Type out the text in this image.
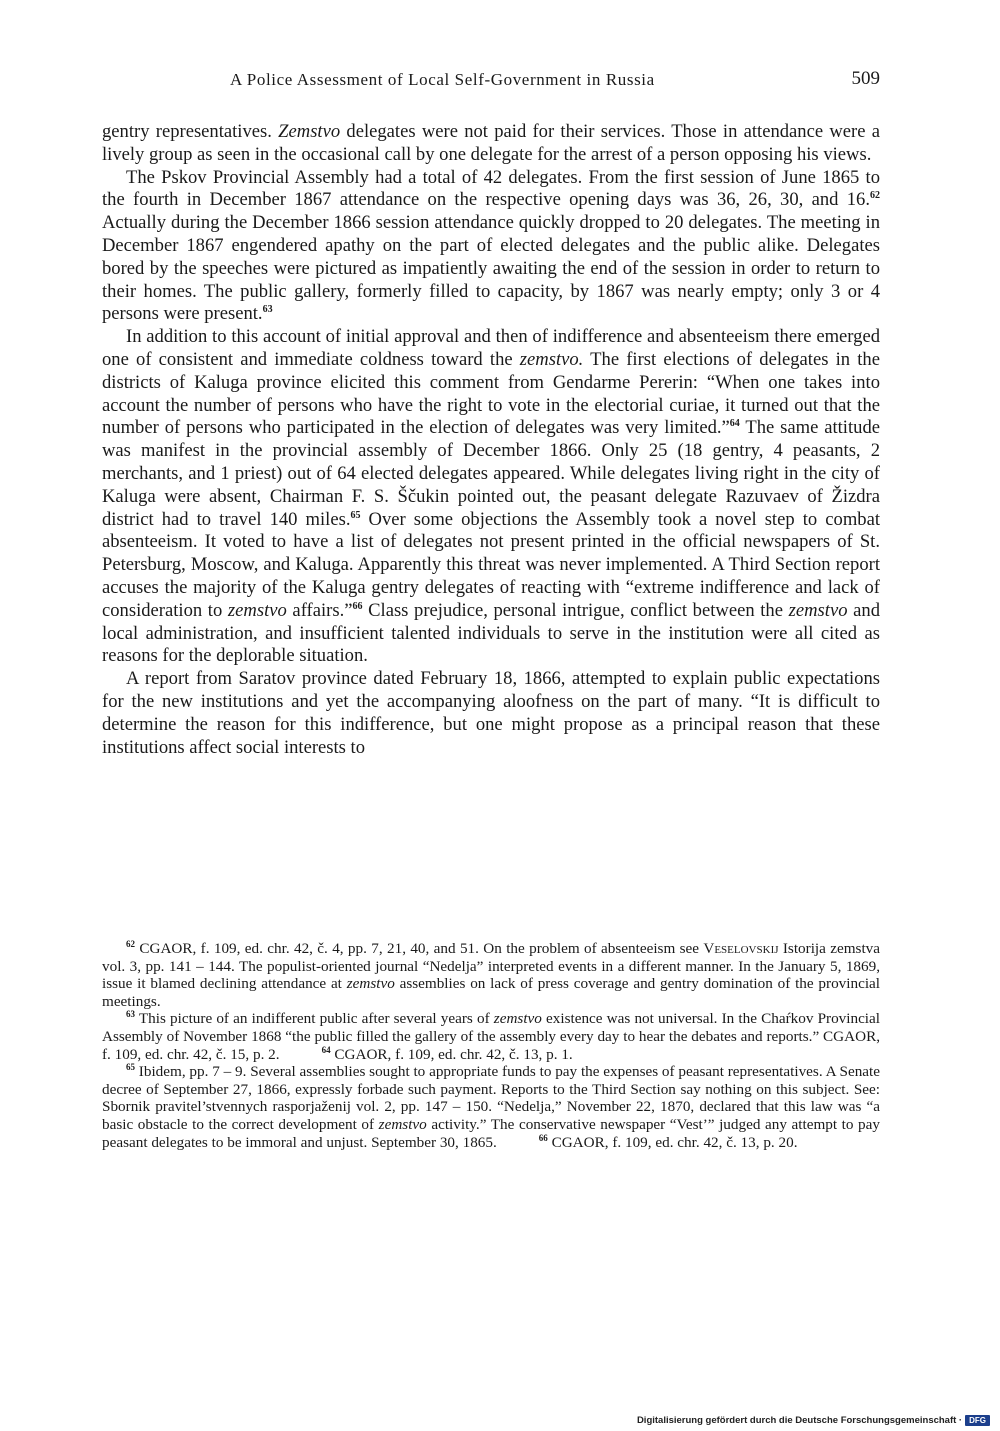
A Police Assessment of Local Self-Government in Russia	509

gentry representatives. Zemstvo delegates were not paid for their services. Those in attendance were a lively group as seen in the occasional call by one delegate for the arrest of a person opposing his views.

The Pskov Provincial Assembly had a total of 42 delegates. From the first session of June 1865 to the fourth in December 1867 attendance on the respective opening days was 36, 26, 30, and 16.62 Actually during the December 1866 session attendance quickly dropped to 20 delegates. The meeting in December 1867 engendered apathy on the part of elected delegates and the public alike. Delegates bored by the speeches were pictured as impatiently awaiting the end of the session in order to return to their homes. The public gallery, formerly filled to capacity, by 1867 was nearly empty; only 3 or 4 persons were present.$^{63}$

In addition to this account of initial approval and then of indifference and absenteeism there emerged one of consistent and immediate coldness toward the zemstvo. The first elections of delegates in the districts of Kaluga province elicited this comment from Gendarme Pererin: “When one takes into account the number of persons who have the right to vote in the electorial curiae, it turned out that the number of persons who participated in the election of delegates was very limited.”$^{64}$ The same attitude was manifest in the provincial assembly of December 1866. Only 25 (18 gentry, 4 peasants, 2 merchants, and 1 priest) out of 64 elected delegates appeared. While delegates living right in the city of Kaluga were absent, Chairman F. S. Ščukin pointed out, the peasant delegate Razuvaev of Žizdra district had to travel 140 miles.$^{65}$ Over some objections the Assembly took a novel step to combat absenteeism. It voted to have a list of delegates not present printed in the official newspapers of St. Petersburg, Moscow, and Kaluga. Apparently this threat was never implemented. A Third Section report accuses the majority of the Kaluga gentry delegates of reacting with “extreme indifference and lack of consideration to zemstvo affairs.”$^{66}$ Class prejudice, personal intrigue, conflict between the zemstvo and local administration, and insufficient talented individuals to serve in the institution were all cited as reasons for the deplorable situation.

A report from Saratov province dated February 18, 1866, attempted to explain public expectations for the new institutions and yet the accompanying aloofness on the part of many. “It is difficult to determine the reason for this indifference, but one might propose as a principal reason that these institutions affect social interests to

$^{62}$ CGAOR, f. 109, ed. chr. 42, č. 4, pp. 7, 21, 40, and 51. On the problem of absenteeism see Veselovskij Istorija zemstva vol. 3, pp. 141 – 144. The populist-oriented journal “Nedelja” interpreted events in a different manner. In the January 5, 1869, issue it blamed declining attendance at zemstvo assemblies on lack of press coverage and gentry domination of the provincial meetings.

$^{63}$ This picture of an indifferent public after several years of zemstvo existence was not universal. In the Chaŕkov Provincial Assembly of November 1868 “the public filled the gallery of the assembly every day to hear the debates and reports.” CGAOR, f. 109, ed. chr. 42, č. 15, p. 2.	$^{64}$ CGAOR, f. 109, ed. chr. 42, č. 13, p. 1.

$^{65}$ Ibidem, pp. 7 – 9. Several assemblies sought to appropriate funds to pay the expenses of peasant representatives. A Senate decree of September 27, 1866, expressly forbade such payment. Reports to the Third Section say nothing on this subject. See: Sbornik pravitel’stvennych rasporjaženij vol. 2, pp. 147 – 150. “Nedelja,” November 22, 1870, declared that this law was “a basic obstacle to the correct development of zemstvo activity.” The conservative newspaper “Vest’” judged any attempt to pay peasant delegates to be immoral and unjust. September 30, 1865.	$^{66}$ CGAOR, f. 109, ed. chr. 42, č. 13, p. 20.

Digitalisierung gefördert durch die Deutsche Forschungsgemeinschaft · DFG
